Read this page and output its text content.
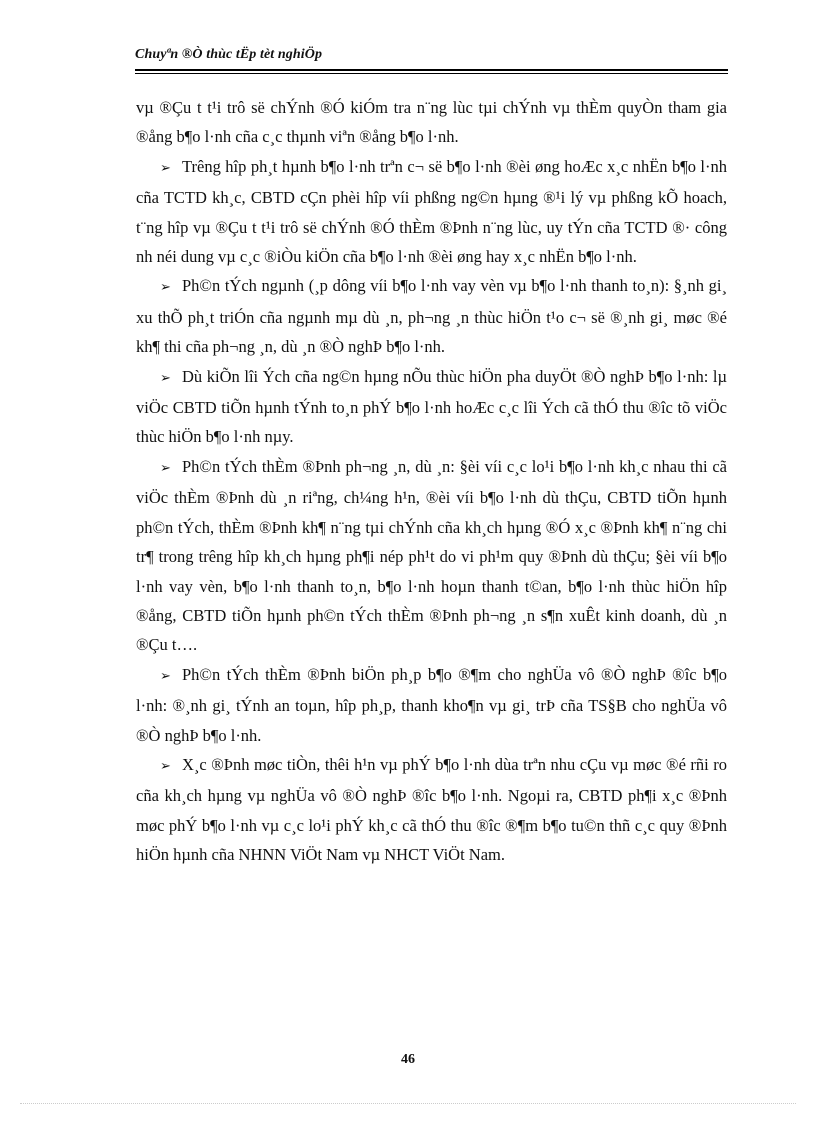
Chuyªn ®Ò thùc tËp tèt nghiÖp

vµ ®Çu t t¹i trô së chÝnh ®Ó kiÓm tra n¨ng lùc tµi chÝnh vµ thÈm quyÒn tham gia ®ång b¶o l·nh cña c¸c thµnh viªn ®ång b¶o l·nh.

➢ Trêng hîp ph¸t hµnh b¶o l·nh trªn c¬ së b¶o l·nh ®èi øng hoÆc x¸c nhËn b¶o l·nh cña TCTD kh¸c, CBTD cÇn phèi hîp víi phßng ng©n hµng ®¹i lý vµ phßng kÕ hoach, t¨ng hîp vµ ®Çu t t¹i trô së chÝnh ®Ó thÈm ®Þnh n¨ng lùc, uy tÝn cña TCTD ®· công nh néi dung vµ c¸c ®iÒu kiÖn cña b¶o l·nh ®èi øng hay x¸c nhËn b¶o l·nh.

➢ Ph©n tÝch ngµnh (¸p dông víi b¶o l·nh vay vèn vµ b¶o l·nh thanh to¸n): §¸nh gi¸ xu thÕ ph¸t triÓn cña ngµnh mµ dù ¸n, ph¬ng ¸n thùc hiÖn t¹o c¬ së ®¸nh gi¸ møc ®é kh¶ thi cña ph¬ng ¸n, dù ¸n ®Ò nghÞ b¶o l·nh.

➢ Dù kiÕn lîi Ých cña ng©n hµng nÕu thùc hiÖn pha duyÖt ®Ò nghÞ b¶o l·nh: lµ viÖc CBTD tiÕn hµnh tÝnh to¸n phÝ b¶o l·nh hoÆc c¸c lîi Ých cã thÓ thu ®îc tõ viÖc thùc hiÖn b¶o l·nh nµy.

➢ Ph©n tÝch thÈm ®Þnh ph¬ng ¸n, dù ¸n: §èi víi c¸c lo¹i b¶o l·nh kh¸c nhau thi cã viÖc thÈm ®Þnh dù ¸n riªng, ch¼ng h¹n, ®èi víi b¶o l·nh dù thÇu, CBTD tiÕn hµnh ph©n tÝch, thÈm ®Þnh kh¶ n¨ng tµi chÝnh cña kh¸ch hµng ®Ó x¸c ®Þnh kh¶ n¨ng chi tr¶ trong trêng hîp kh¸ch hµng ph¶i nép ph¹t do vi ph¹m quy ®Þnh dù thÇu; §èi víi b¶o l·nh vay vèn, b¶o l·nh thanh to¸n, b¶o l·nh hoµn thanh t©an, b¶o l·nh thùc hiÖn hîp ®ång, CBTD tiÕn hµnh ph©n tÝch thÈm ®Þnh ph¬ng ¸n s¶n xuÊt kinh doanh, dù ¸n ®Çu t….

➢ Ph©n tÝch thÈm ®Þnh biÖn ph¸p b¶o ®¶m cho nghÜa vô ®Ò nghÞ ®îc b¶o l·nh: ®¸nh gi¸ tÝnh an toµn, hîp ph¸p, thanh kho¶n vµ gi¸ trÞ cña TS§B cho nghÜa vô ®Ò nghÞ b¶o l·nh.

➢ X¸c ®Þnh møc tiÒn, thêi h¹n vµ phÝ b¶o l·nh dùa trªn nhu cÇu vµ møc ®é rñi ro cña kh¸ch hµng vµ nghÜa vô ®Ò nghÞ ®îc b¶o l·nh. Ngoµi ra, CBTD ph¶i x¸c ®Þnh møc phÝ b¶o l·nh vµ c¸c lo¹i phÝ kh¸c cã thÓ thu ®îc ®¶m b¶o tu©n thñ c¸c quy ®Þnh hiÖn hµnh cña NHNN ViÖt Nam vµ NHCT ViÖt Nam.

46
